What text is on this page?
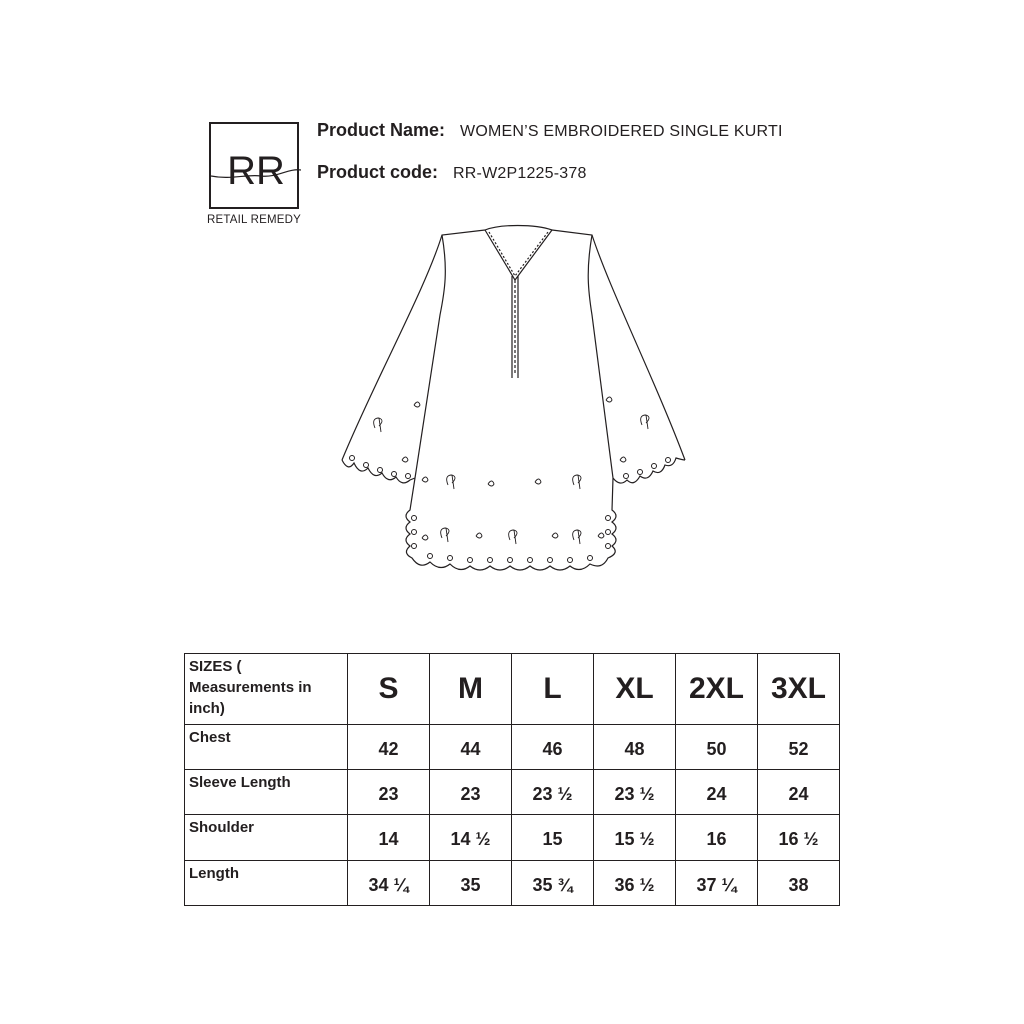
RR
RETAIL REMEDY
Product Name: WOMEN’S EMBROIDERED SINGLE KURTI
Product code: RR-W2P1225-378
SIZES ( Measurements in inch)	S	M	L	XL	2XL	3XL
Chest	42	44	46	48	50	52
Sleeve Length	23	23	23 ½	23 ½	24	24
Shoulder	14	14 ½	15	15 ½	16	16 ½
Length	34 ¼	35	35 ¾	36 ½	37 ¼	38
